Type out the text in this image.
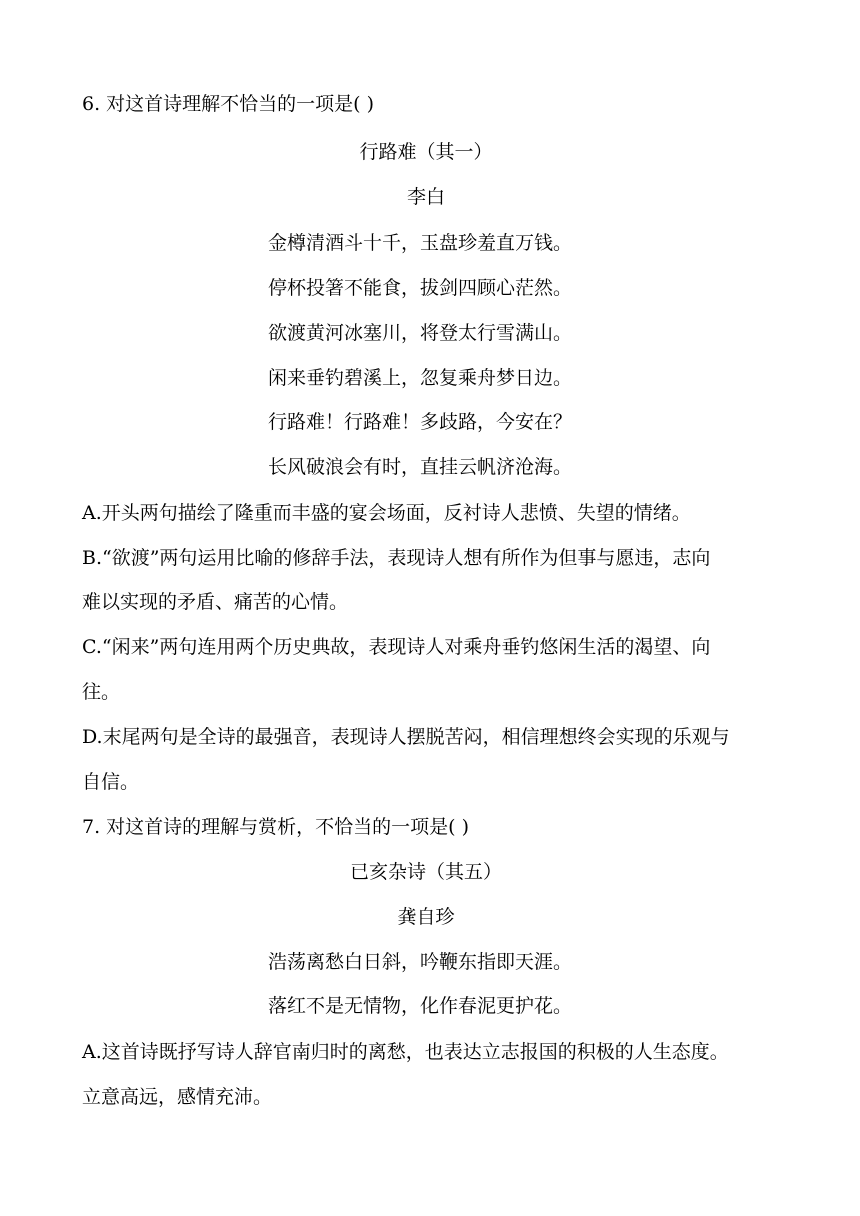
6. 对这首诗理解不恰当的一项是( )
行路难（其一）
李白
金樽清酒斗十千，玉盘珍羞直万钱。
停杯投箸不能食，拔剑四顾心茫然。
欲渡黄河冰塞川，将登太行雪满山。
闲来垂钓碧溪上，忽复乘舟梦日边。
行路难！行路难！多歧路，今安在？
长风破浪会有时，直挂云帆济沧海。
A.开头两句描绘了隆重而丰盛的宴会场面，反衬诗人悲愤、失望的情绪。
B.“欲渡”两句运用比喻的修辞手法，表现诗人想有所作为但事与愿违，志向
难以实现的矛盾、痛苦的心情。
C.“闲来”两句连用两个历史典故，表现诗人对乘舟垂钓悠闲生活的渴望、向
往。
D.末尾两句是全诗的最强音，表现诗人摆脱苦闷，相信理想终会实现的乐观与
自信。
7. 对这首诗的理解与赏析，不恰当的一项是( )
已亥杂诗（其五）
龚自珍
浩荡离愁白日斜，吟鞭东指即天涯。
落红不是无情物，化作春泥更护花。
A.这首诗既抒写诗人辞官南归时的离愁，也表达立志报国的积极的人生态度。
立意高远，感情充沛。
